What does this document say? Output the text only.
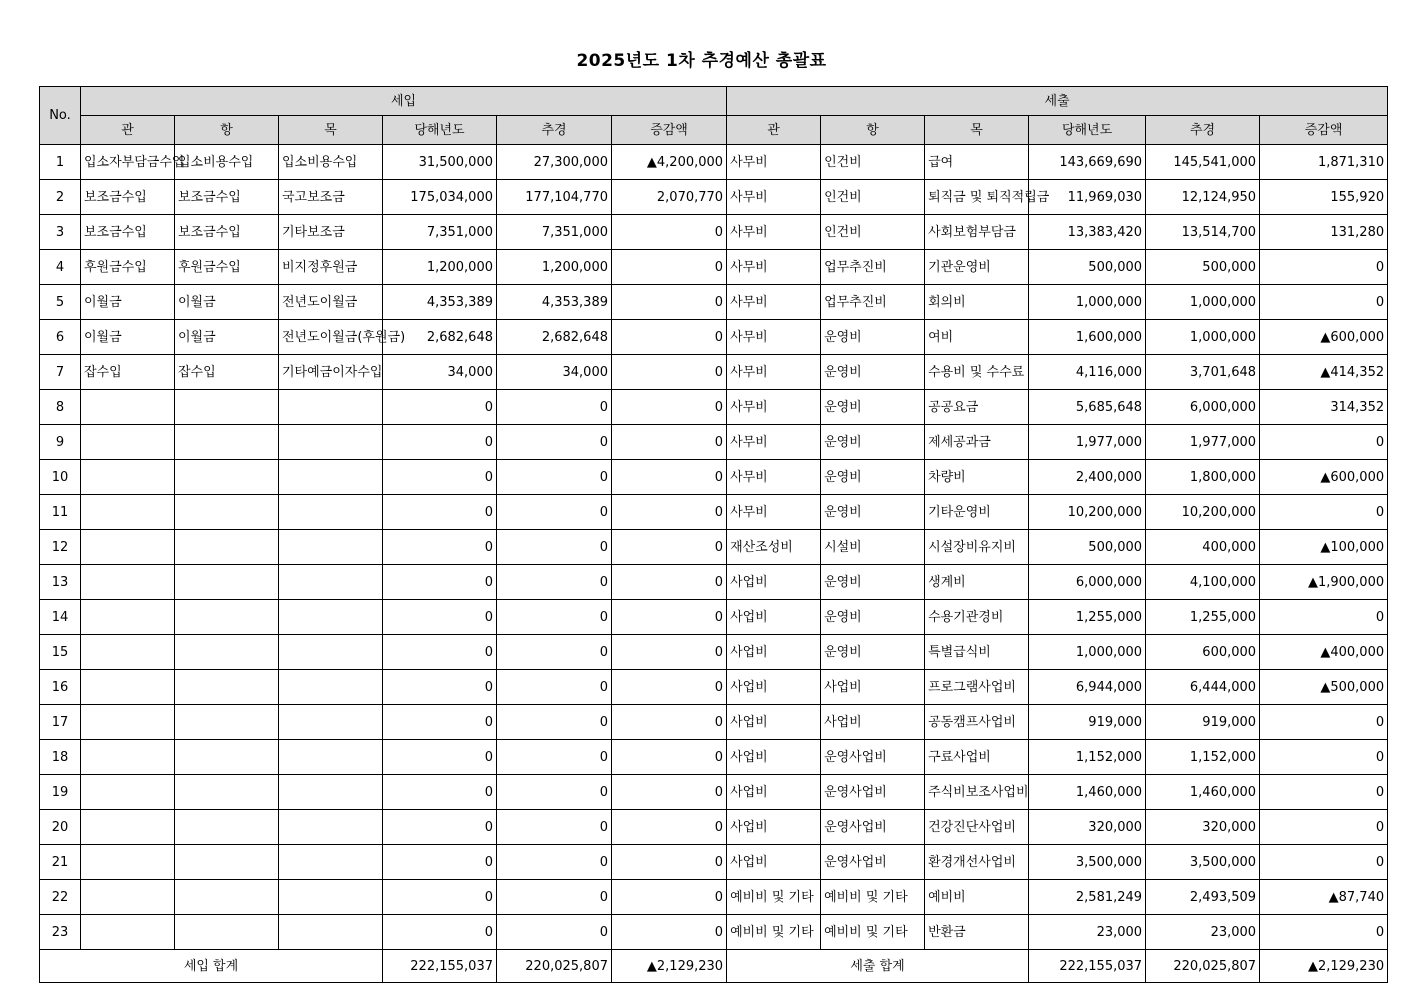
2025년도 1차 추경예산 총괄표
No.	세입						세출					
	관	항	목	당해년도	추경	증감액	관	항	목	당해년도	추경	증감액
1	입소자부담금수입	입소비용수입	입소비용수입	31,500,000	27,300,000	▲4,200,000	사무비	인건비	급여	143,669,690	145,541,000	1,871,310
2	보조금수입	보조금수입	국고보조금	175,034,000	177,104,770	2,070,770	사무비	인건비	퇴직금 및 퇴직적립금	11,969,030	12,124,950	155,920
3	보조금수입	보조금수입	기타보조금	7,351,000	7,351,000	0	사무비	인건비	사회보험부담금	13,383,420	13,514,700	131,280
4	후원금수입	후원금수입	비지정후원금	1,200,000	1,200,000	0	사무비	업무추진비	기관운영비	500,000	500,000	0
5	이월금	이월금	전년도이월금	4,353,389	4,353,389	0	사무비	업무추진비	회의비	1,000,000	1,000,000	0
6	이월금	이월금	전년도이월금(후원금)	2,682,648	2,682,648	0	사무비	운영비	여비	1,600,000	1,000,000	▲600,000
7	잡수입	잡수입	기타예금이자수입	34,000	34,000	0	사무비	운영비	수용비 및 수수료	4,116,000	3,701,648	▲414,352
8				0	0	0	사무비	운영비	공공요금	5,685,648	6,000,000	314,352
9				0	0	0	사무비	운영비	제세공과금	1,977,000	1,977,000	0
10				0	0	0	사무비	운영비	차량비	2,400,000	1,800,000	▲600,000
11				0	0	0	사무비	운영비	기타운영비	10,200,000	10,200,000	0
12				0	0	0	재산조성비	시설비	시설장비유지비	500,000	400,000	▲100,000
13				0	0	0	사업비	운영비	생계비	6,000,000	4,100,000	▲1,900,000
14				0	0	0	사업비	운영비	수용기관경비	1,255,000	1,255,000	0
15				0	0	0	사업비	운영비	특별급식비	1,000,000	600,000	▲400,000
16				0	0	0	사업비	사업비	프로그램사업비	6,944,000	6,444,000	▲500,000
17				0	0	0	사업비	사업비	공동캠프사업비	919,000	919,000	0
18				0	0	0	사업비	운영사업비	구료사업비	1,152,000	1,152,000	0
19				0	0	0	사업비	운영사업비	주식비보조사업비	1,460,000	1,460,000	0
20				0	0	0	사업비	운영사업비	건강진단사업비	320,000	320,000	0
21				0	0	0	사업비	운영사업비	환경개선사업비	3,500,000	3,500,000	0
22				0	0	0	예비비 및 기타	예비비 및 기타	예비비	2,581,249	2,493,509	▲87,740
23				0	0	0	예비비 및 기타	예비비 및 기타	반환금	23,000	23,000	0
세입 합계				222,155,037	220,025,807	▲2,129,230	세출 합계			222,155,037	220,025,807	▲2,129,230
